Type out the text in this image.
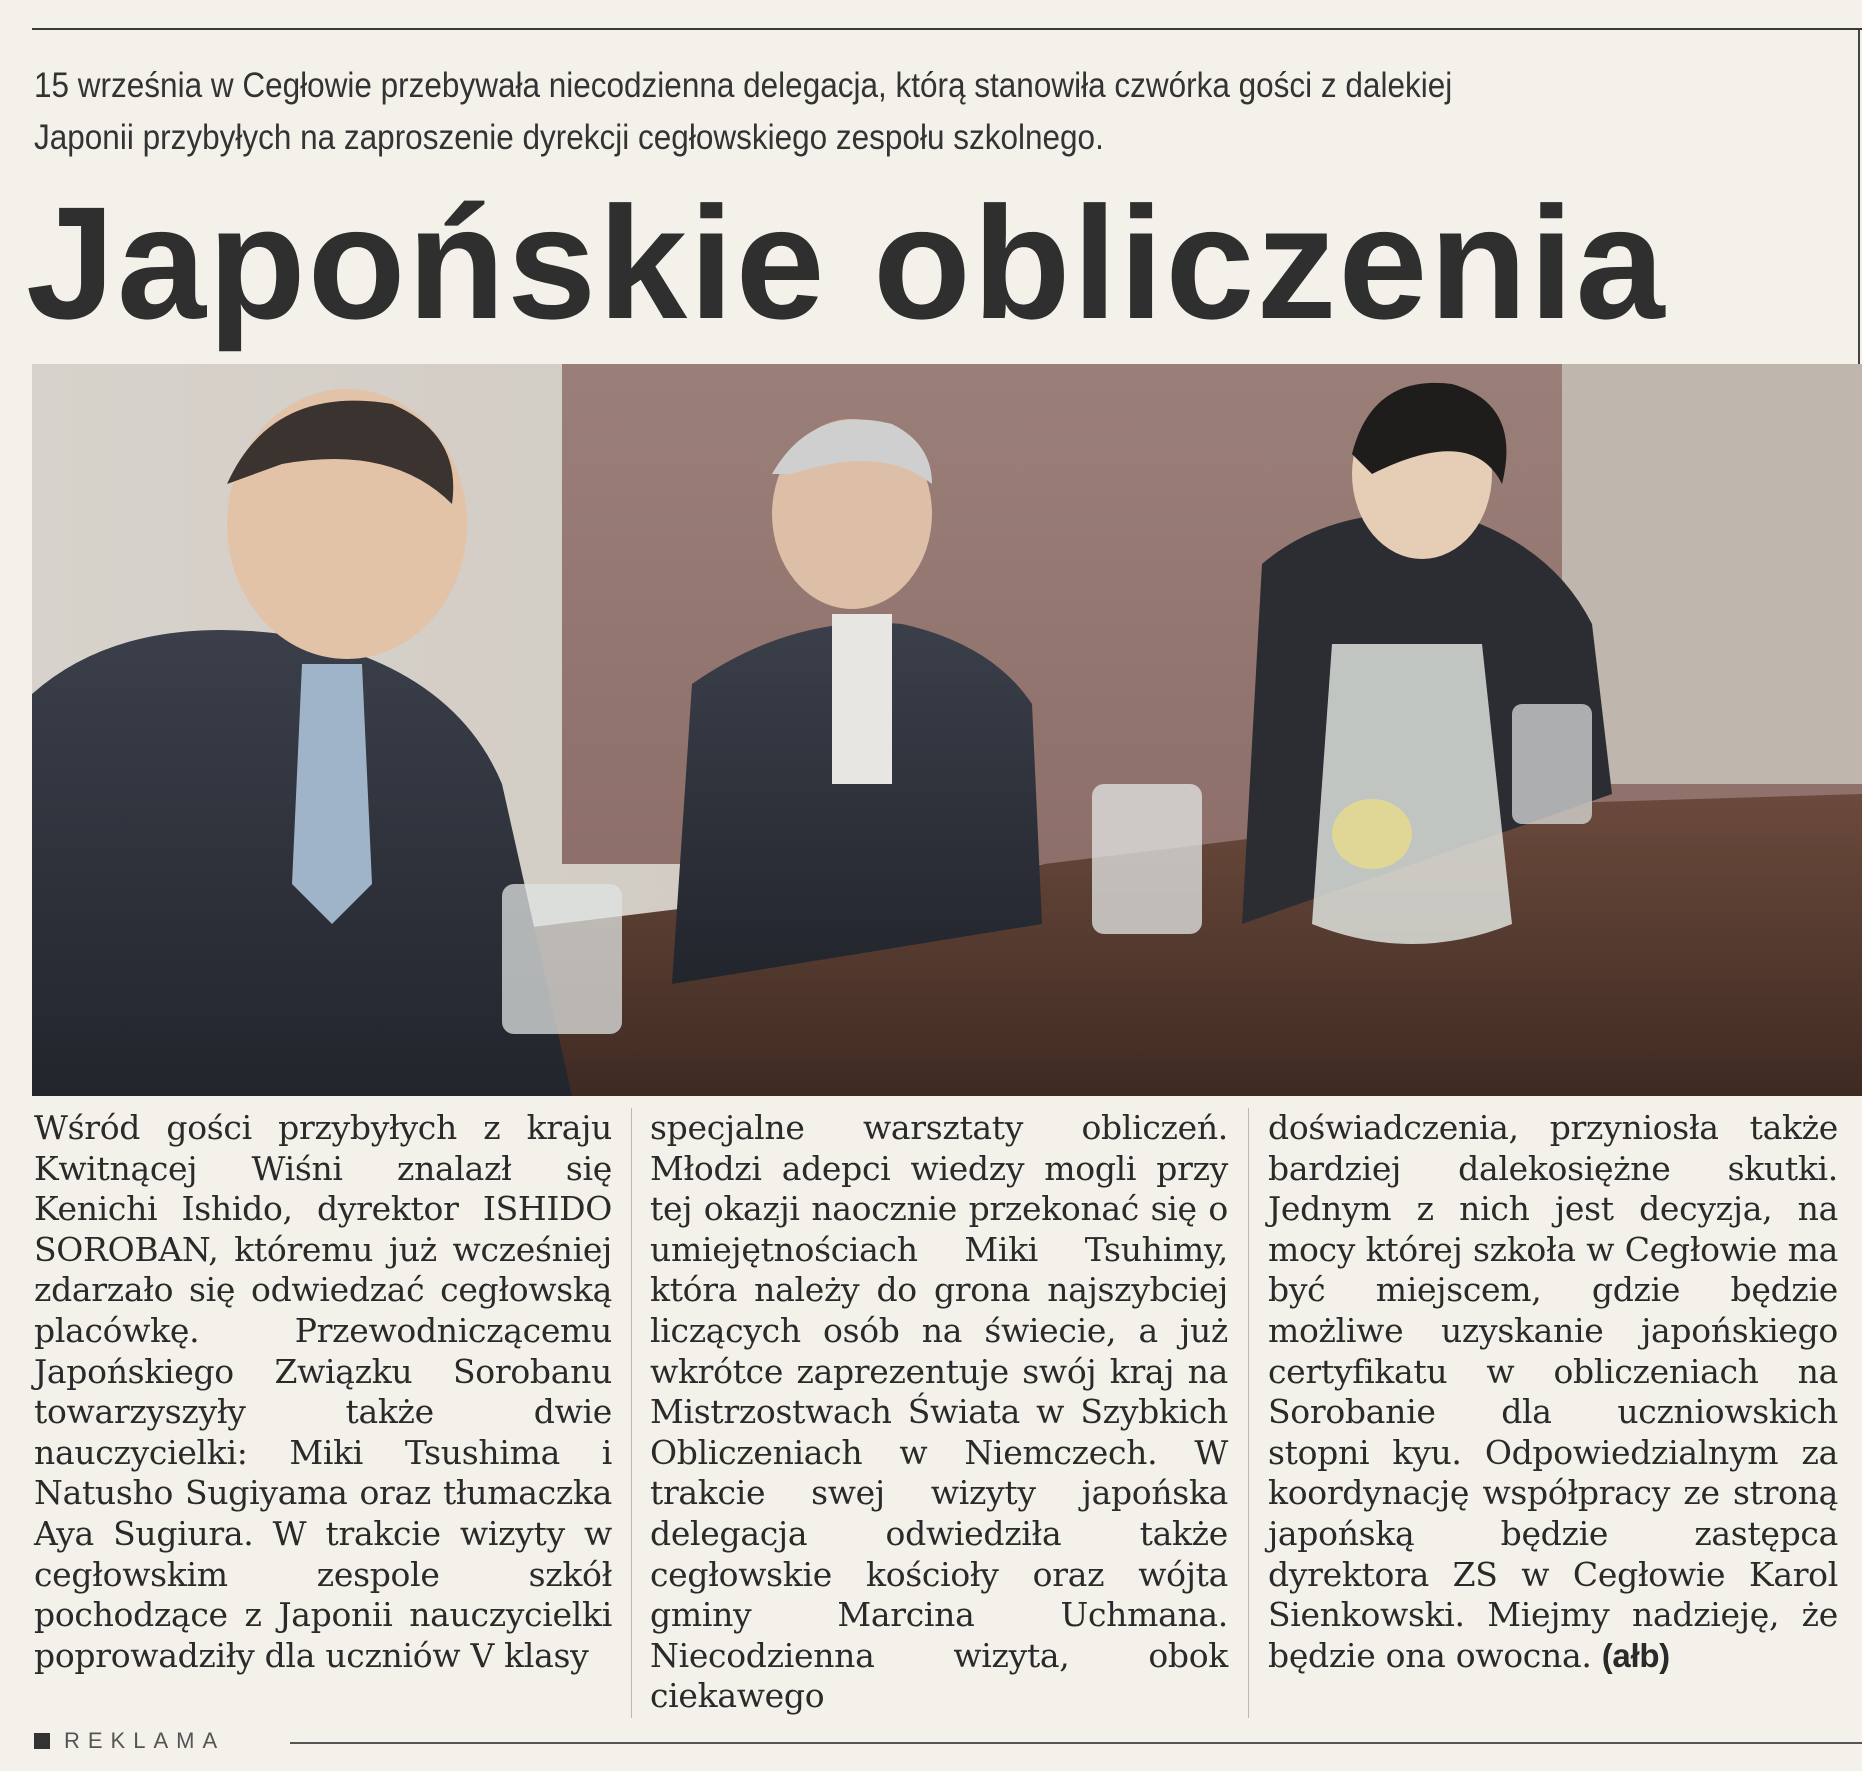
15 września w Cegłowie przebywała niecodzienna delegacja, którą stanowiła czwórka gości z dalekiej
Japonii przybyłych na zaproszenie dyrekcji cegłowskiego zespołu szkolnego.
Japońskie obliczenia
Wśród gości przybyłych z kraju Kwitnącej Wiśni znalazł się Kenichi Ishido, dyrektor ISHIDO SOROBAN, któremu już wcześniej zdarzało się odwiedzać cegłowską placówkę. Przewodniczącemu Japońskiego Związku Sorobanu towarzyszyły także dwie nauczycielki: Miki Tsushima i Natusho Sugiyama oraz tłumaczka Aya Sugiura. W trakcie wizyty w cegłowskim zespole szkół pochodzące z Japonii nauczycielki poprowadziły dla uczniów V klasy
specjalne warsztaty obliczeń. Młodzi adepci wiedzy mogli przy tej okazji naocznie przekonać się o umiejętnościach Miki Tsuhimy, która należy do grona najszybciej liczących osób na świecie, a już wkrótce zaprezentuje swój kraj na Mistrzostwach Świata w Szybkich Obliczeniach w Niemczech. W trakcie swej wizyty japońska delegacja odwiedziła także cegłowskie kościoły oraz wójta gminy Marcina Uchmana. Niecodzienna wizyta, obok ciekawego
doświadczenia, przyniosła także bardziej dalekosiężne skutki. Jednym z nich jest decyzja, na mocy której szkoła w Cegłowie ma być miejscem, gdzie będzie możliwe uzyskanie japońskiego certyfikatu w obliczeniach na Sorobanie dla uczniowskich stopni kyu. Odpowiedzialnym za koordynację współpracy ze stroną japońską będzie zastępca dyrektora ZS w Cegłowie Karol Sienkowski. Miejmy nadzieję, że będzie ona owocna. (ałb)
REKLAMA
